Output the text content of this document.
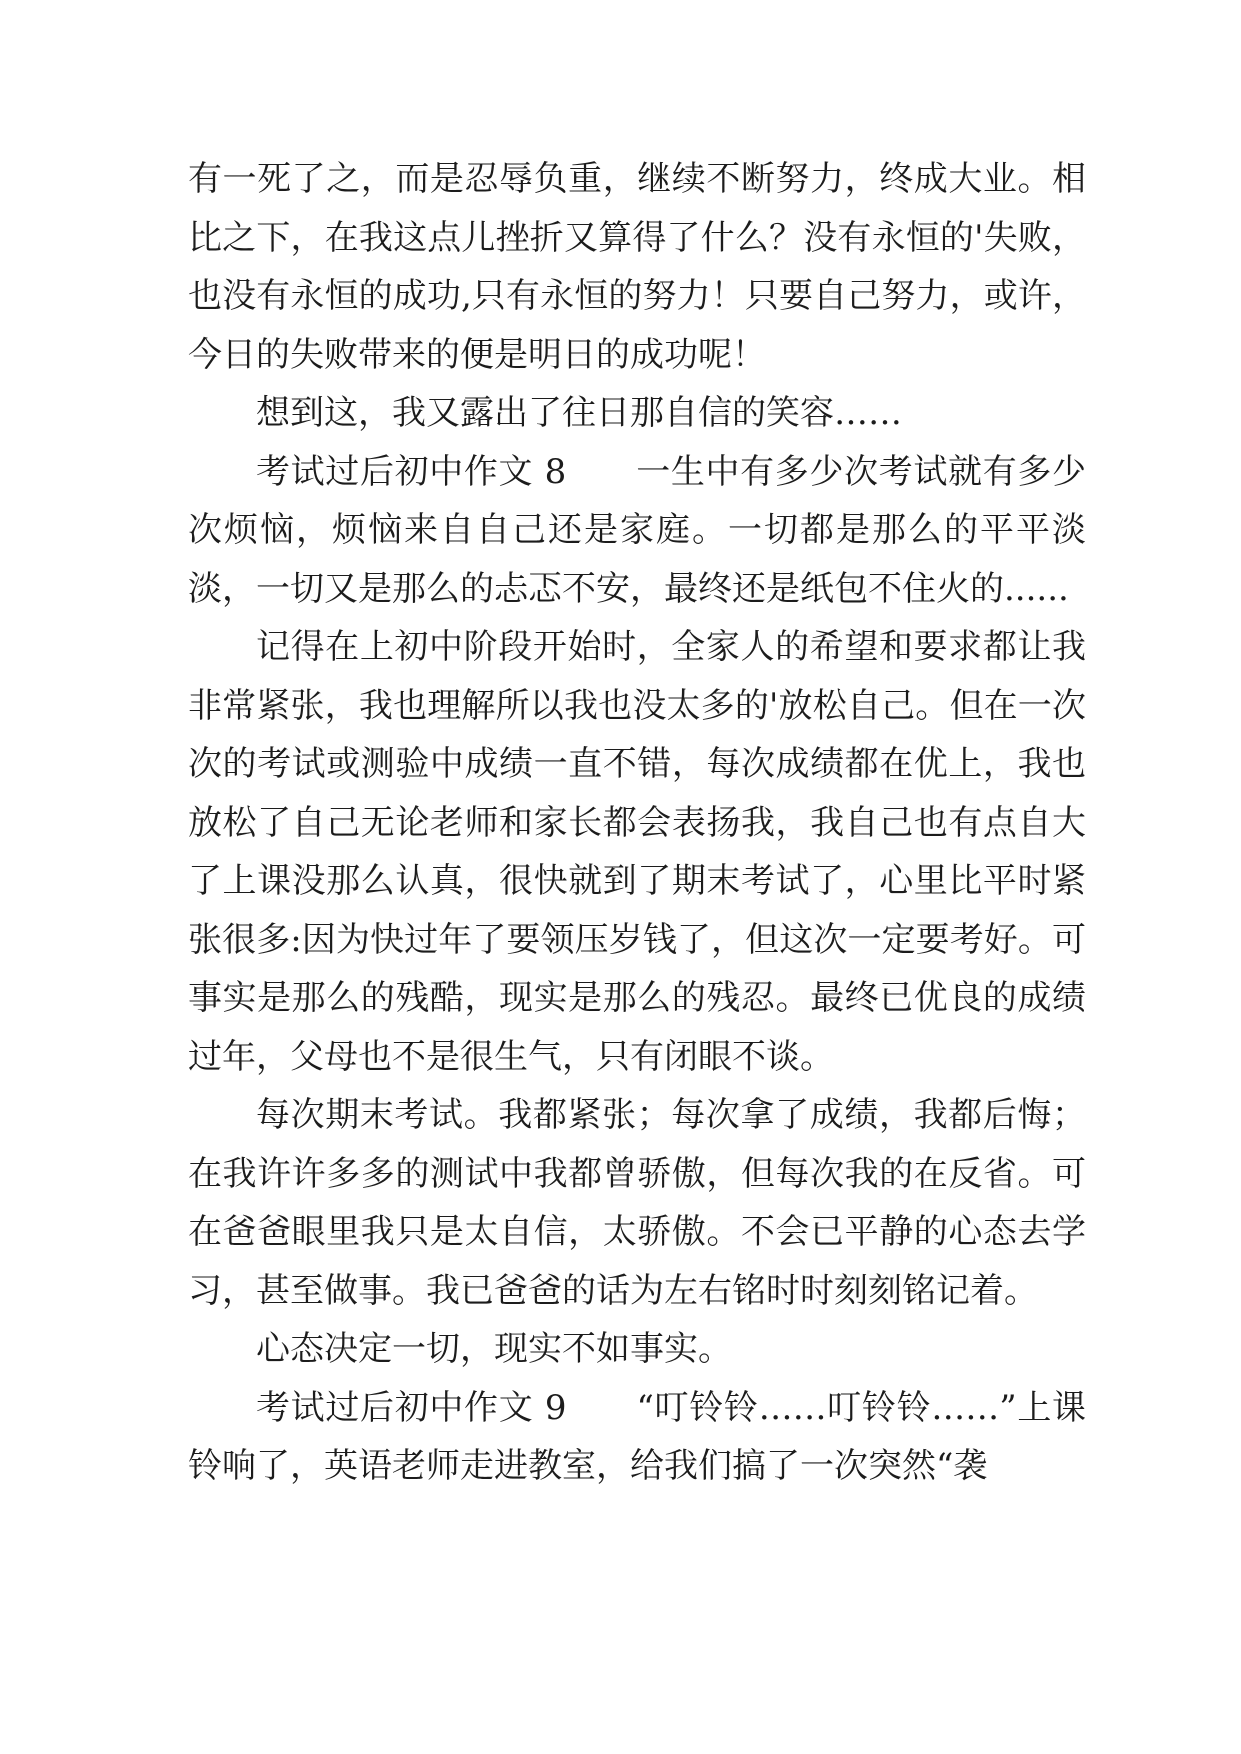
有一死了之，而是忍辱负重，继续不断努力，终成大业。相比之下，在我这点儿挫折又算得了什么？没有永恒的'失败，也没有永恒的成功,只有永恒的努力！只要自己努力，或许，今日的失败带来的便是明日的成功呢！

想到这，我又露出了往日那自信的笑容……

考试过后初中作文 8　　一生中有多少次考试就有多少次烦恼，烦恼来自自己还是家庭。一切都是那么的平平淡淡，一切又是那么的忐忑不安，最终还是纸包不住火的......

记得在上初中阶段开始时，全家人的希望和要求都让我非常紧张，我也理解所以我也没太多的'放松自己。但在一次次的考试或测验中成绩一直不错，每次成绩都在优上，我也放松了自己无论老师和家长都会表扬我，我自己也有点自大了上课没那么认真，很快就到了期末考试了，心里比平时紧张很多:因为快过年了要领压岁钱了，但这次一定要考好。可事实是那么的残酷，现实是那么的残忍。最终已优良的成绩过年，父母也不是很生气，只有闭眼不谈。

每次期末考试。我都紧张；每次拿了成绩，我都后悔；在我许许多多的测试中我都曾骄傲，但每次我的在反省。可在爸爸眼里我只是太自信，太骄傲。不会已平静的心态去学习，甚至做事。我已爸爸的话为左右铭时时刻刻铭记着。

心态决定一切，现实不如事实。

考试过后初中作文 9　　“叮铃铃……叮铃铃……”上课铃响了，英语老师走进教室，给我们搞了一次突然“袭
